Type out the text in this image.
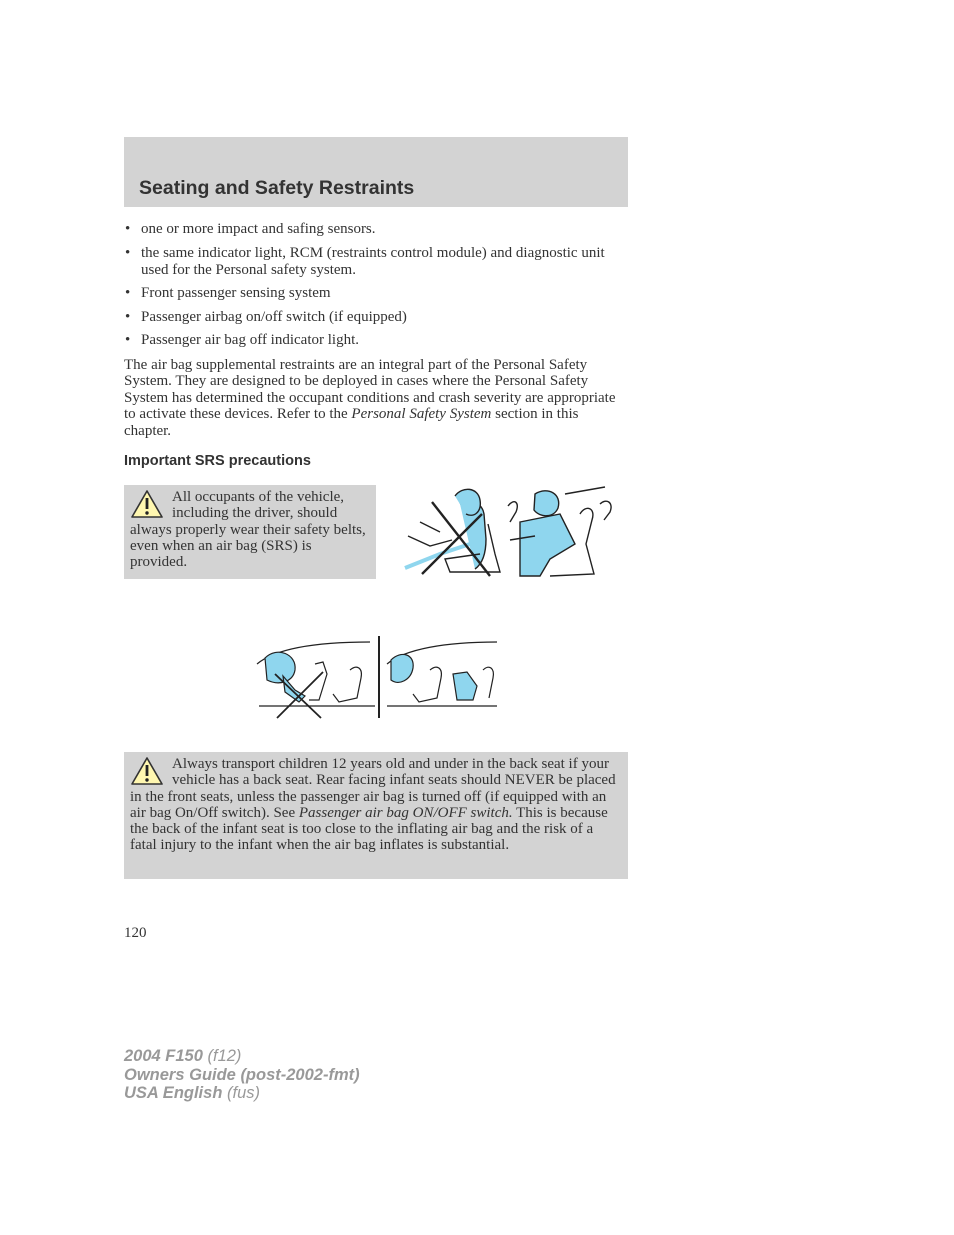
Seating and Safety Restraints
• one or more impact and safing sensors.
• the same indicator light, RCM (restraints control module) and diagnostic unit used for the Personal safety system.
• Front passenger sensing system
• Passenger airbag on/off switch (if equipped)
• Passenger air bag off indicator light.

The air bag supplemental restraints are an integral part of the Personal Safety System. They are designed to be deployed in cases where the Personal Safety System has determined the occupant conditions and crash severity are appropriate to activate these devices. Refer to the Personal Safety System section in this chapter.

Important SRS precautions
All occupants of the vehicle, including the driver, should always properly wear their safety belts, even when an air bag (SRS) is provided.
Always transport children 12 years old and under in the back seat if your vehicle has a back seat. Rear facing infant seats should NEVER be placed in the front seats, unless the passenger air bag is turned off (if equipped with an air bag On/Off switch). See Passenger air bag ON/OFF switch. This is because the back of the infant seat is too close to the inflating air bag and the risk of a fatal injury to the infant when the air bag inflates is substantial.
120
2004 F150 (f12)
Owners Guide (post-2002-fmt)
USA English (fus)
